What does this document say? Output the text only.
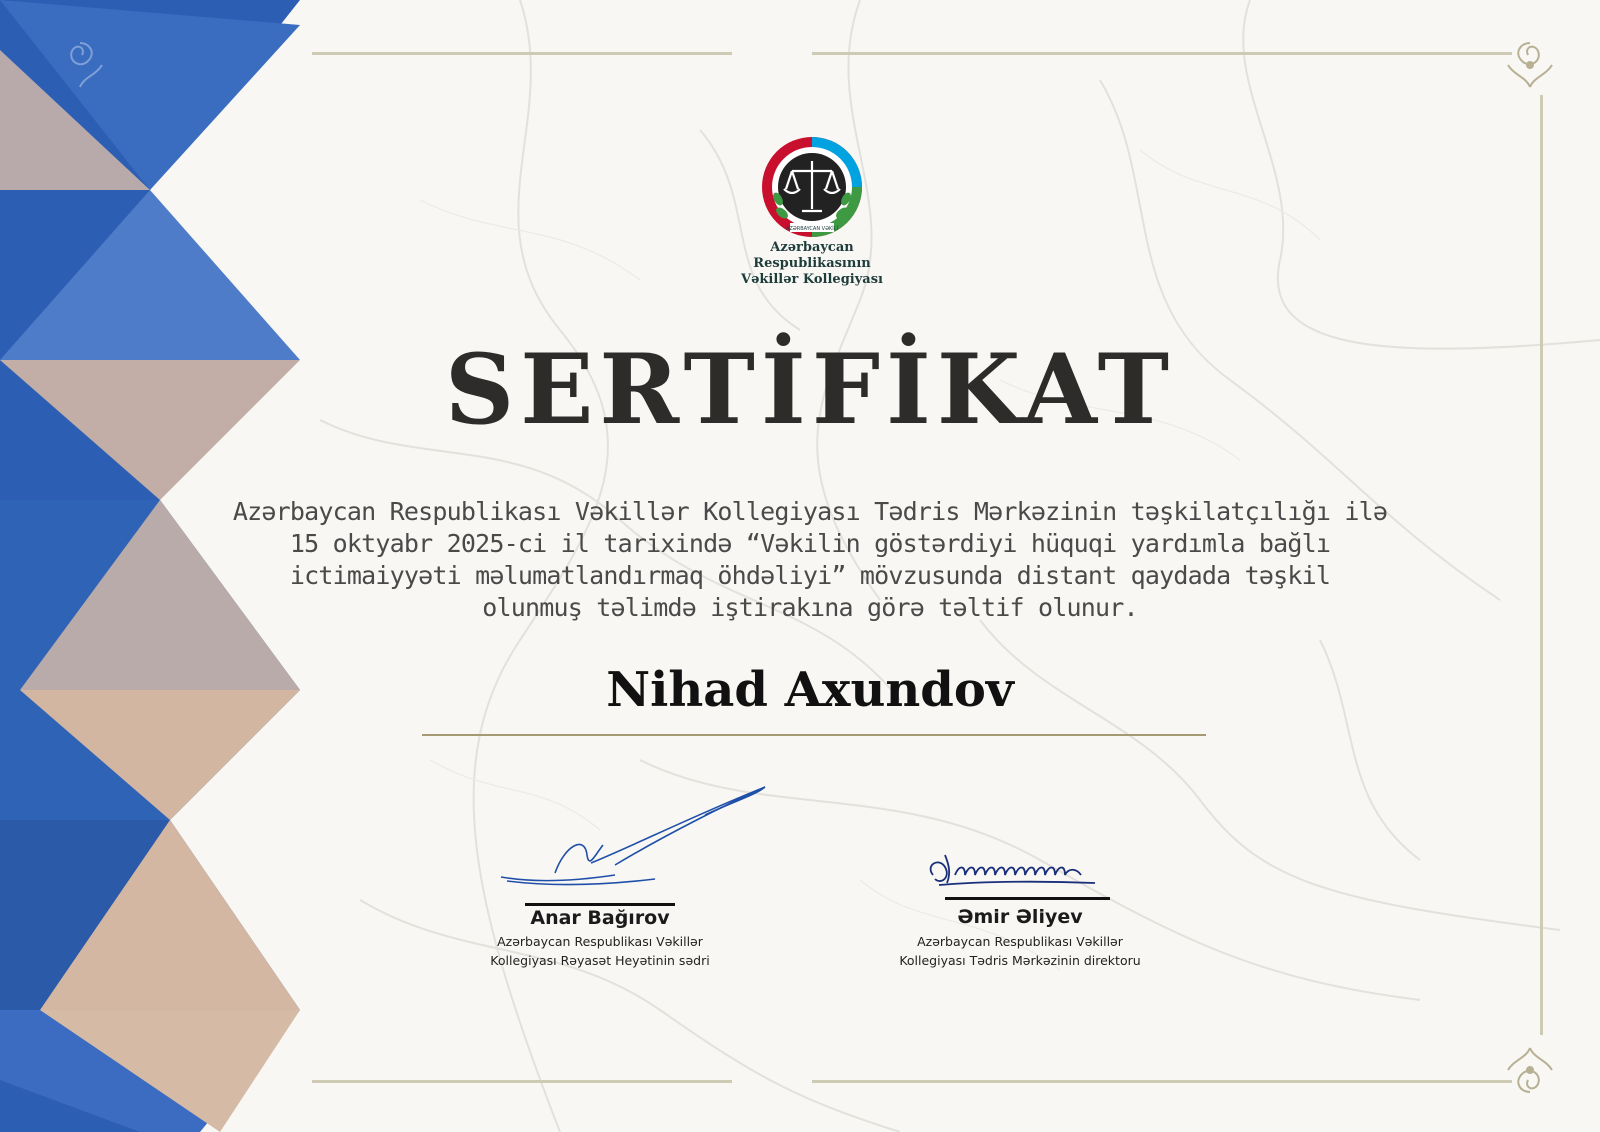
AZƏRBAYCAN VƏKİLİ
Azərbaycan
Respublikasının
Vəkillər Kollegiyası
SERTİFİKAT
Azərbaycan Respublikası Vəkillər Kollegiyası Tədris Mərkəzinin təşkilatçılığı ilə
15 oktyabr 2025-ci il tarixində “Vəkilin göstərdiyi hüquqi yardımla bağlı
ictimaiyyəti məlumatlandırmaq öhdəliyi” mövzusunda distant qaydada təşkil
olunmuş təlimdə iştirakına görə təltif olunur.
Nihad Axundov
Anar Bağırov
Azərbaycan Respublikası Vəkillər
Kollegiyası Rəyasət Heyətinin sədri
Əmir Əliyev
Azərbaycan Respublikası Vəkillər
Kollegiyası Tədris Mərkəzinin direktoru
